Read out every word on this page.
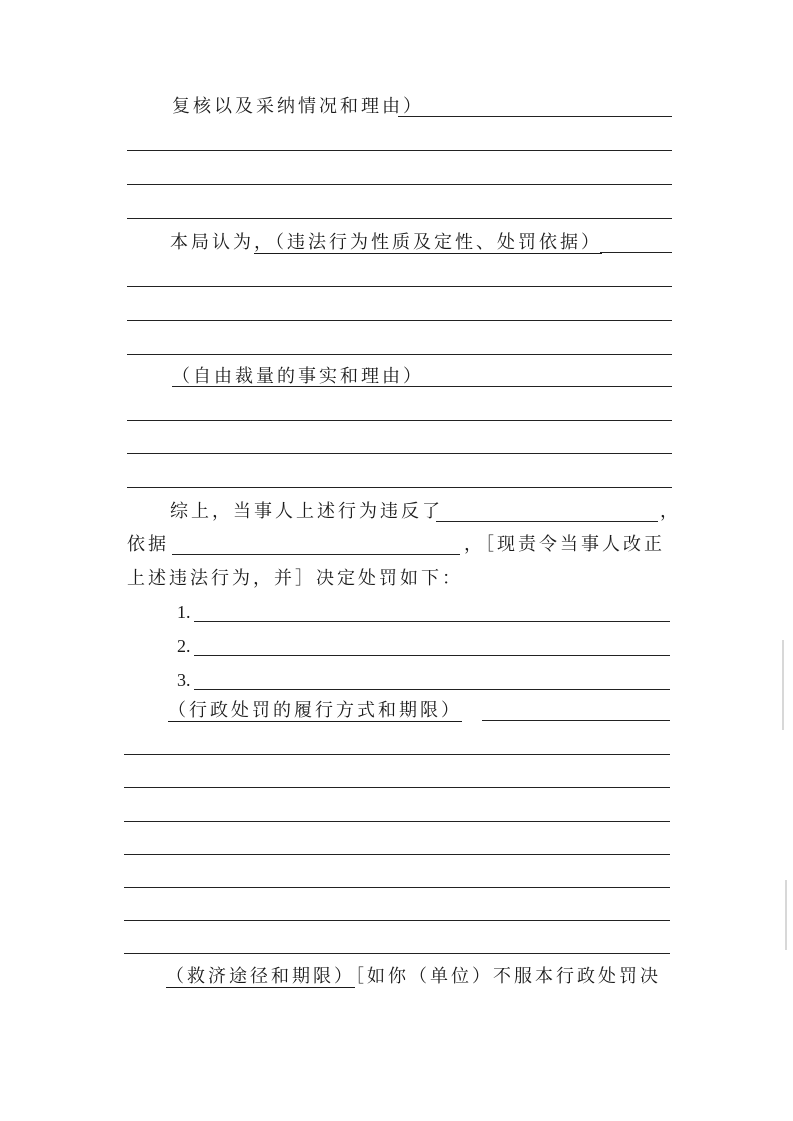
复核以及采纳情况和理由）
本局认为，（违法行为性质及定性、处罚依据）
（自由裁量的事实和理由）
综上，当事人上述行为违反了	，
依据	，［现责令当事人改正
上述违法行为，并］决定处罚如下：
1.
2.
3.
（行政处罚的履行方式和期限）
（救济途径和期限）［如你（单位）不服本行政处罚决
